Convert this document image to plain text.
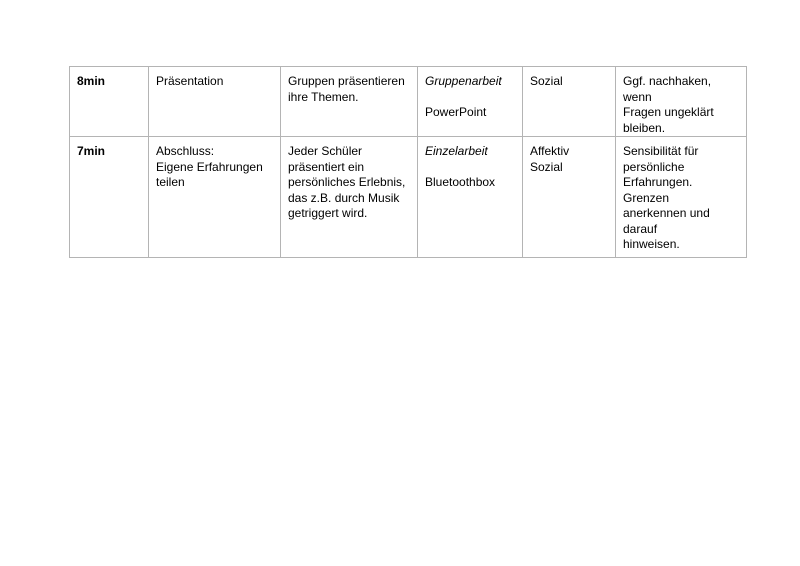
8min	Präsentation	Gruppen präsentieren
ihre Themen.	Gruppenarbeit
PowerPoint	Sozial	Ggf. nachhaken, wenn
Fragen ungeklärt
bleiben.

7min	Abschluss:
Eigene Erfahrungen
teilen	Jeder Schüler
präsentiert ein
persönliches Erlebnis,
das z.B. durch Musik
getriggert wird.	Einzelarbeit
Bluetoothbox	Affektiv
Sozial	Sensibilität für
persönliche
Erfahrungen. Grenzen
anerkennen und darauf
hinweisen.
